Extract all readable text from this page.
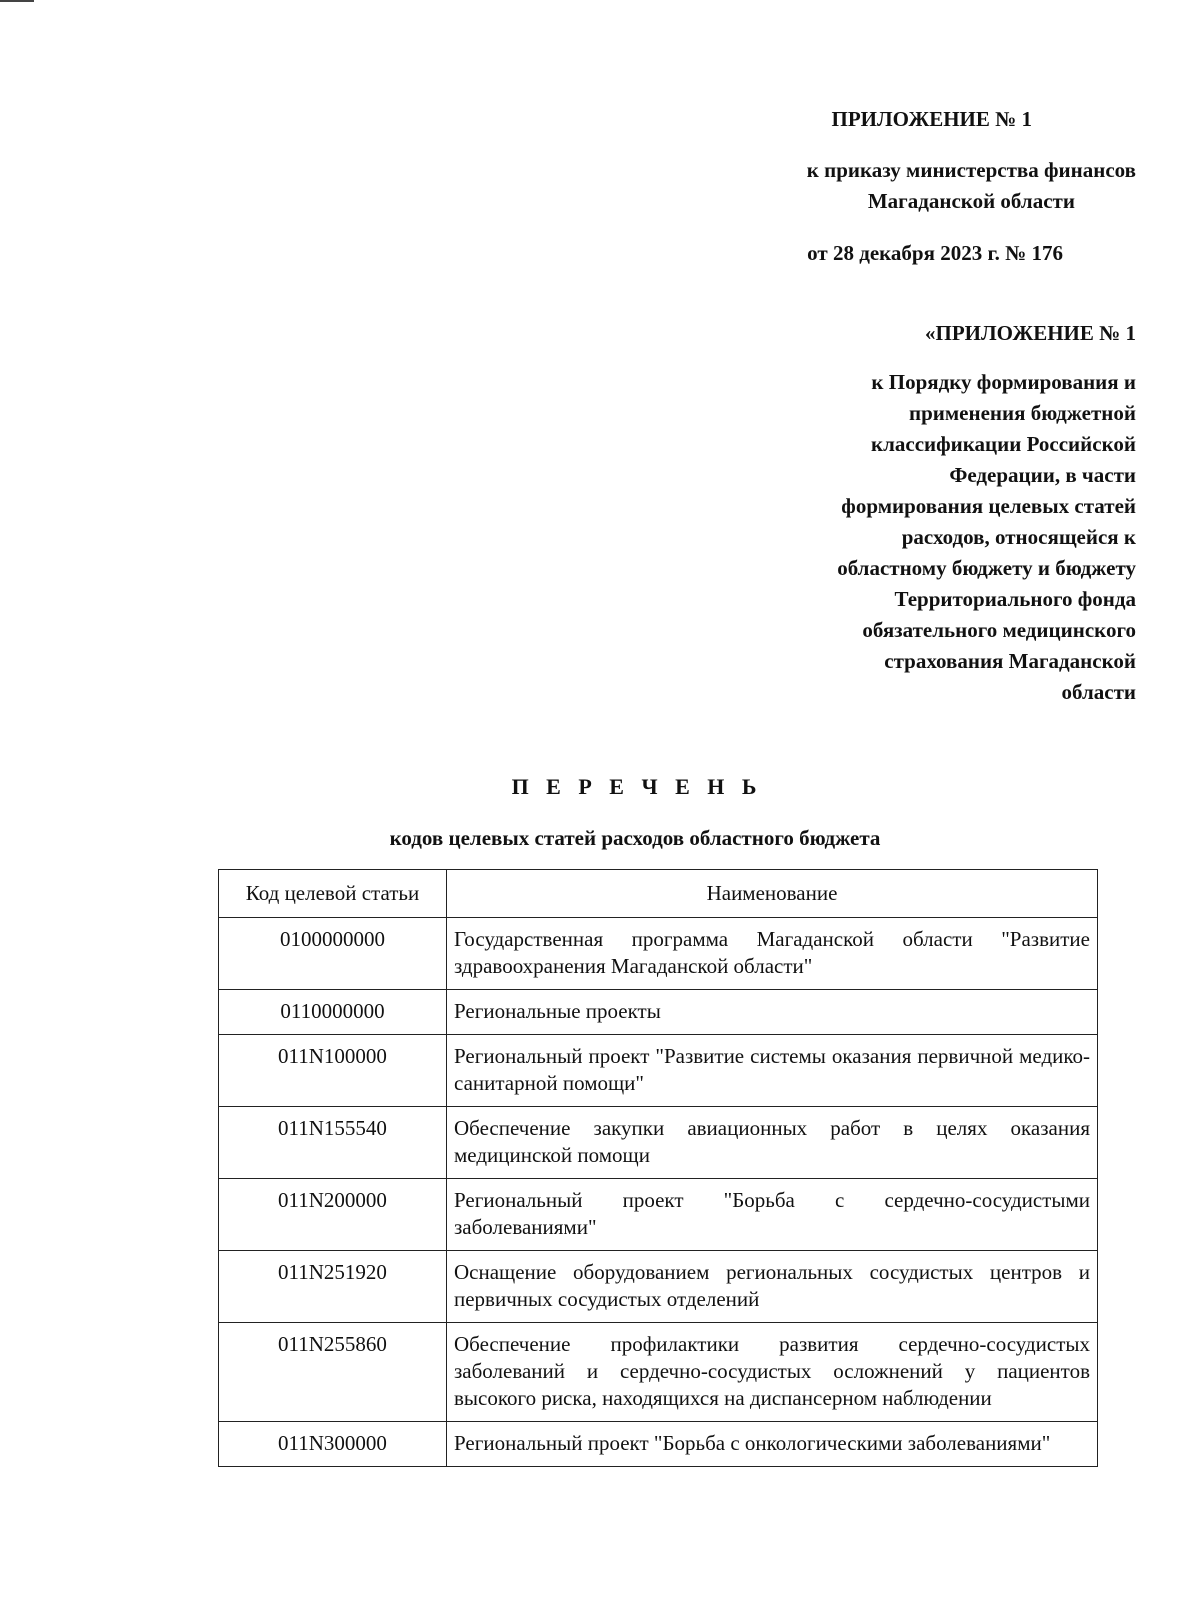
ПРИЛОЖЕНИЕ № 1
к приказу министерства финансов
Магаданской области
от 28 декабря 2023 г. № 176
«ПРИЛОЖЕНИЕ № 1
к Порядку формирования и
применения бюджетной
классификации Российской
Федерации, в части
формирования целевых статей
расходов, относящейся к
областному бюджету и бюджету
Территориального фонда
обязательного медицинского
страхования Магаданской
области
П Е Р Е Ч Е Н Ь
кодов целевых статей расходов областного бюджета
Код целевой статьи	Наименование
0100000000	Государственная программа Магаданской области "Развитие здравоохранения Магаданской области"
0110000000	Региональные проекты
011N100000	Региональный проект "Развитие системы оказания первичной медико-санитарной помощи"
011N155540	Обеспечение закупки авиационных работ в целях оказания медицинской помощи
011N200000	Региональный проект "Борьба с сердечно-сосудистыми заболеваниями"
011N251920	Оснащение оборудованием региональных сосудистых центров и первичных сосудистых отделений
011N255860	Обеспечение профилактики развития сердечно-сосудистых заболеваний и сердечно-сосудистых осложнений у пациентов высокого риска, находящихся на диспансерном наблюдении
011N300000	Региональный проект "Борьба с онкологическими заболеваниями"
